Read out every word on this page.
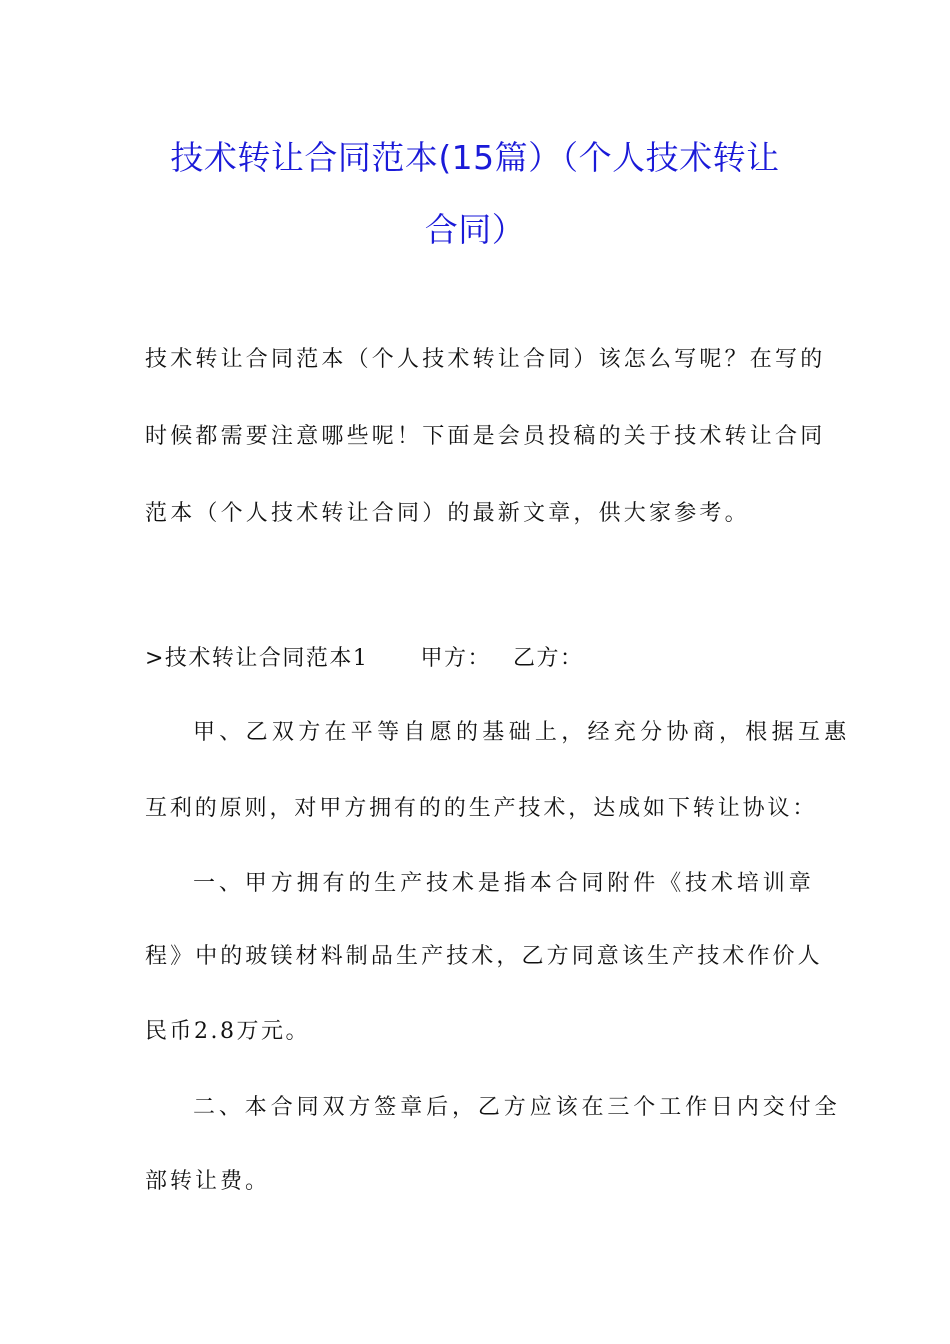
技术转让合同范本(15篇）（个人技术转让
合同）
技术转让合同范本（个人技术转让合同）该怎么写呢？在写的
时候都需要注意哪些呢！下面是会员投稿的关于技术转让合同
范本（个人技术转让合同）的最新文章，供大家参考。
>技术转让合同范本1 甲方： 乙方：
甲、乙双方在平等自愿的基础上，经充分协商，根据互惠
互利的原则，对甲方拥有的的生产技术，达成如下转让协议：
一、甲方拥有的生产技术是指本合同附件《技术培训章
程》中的玻镁材料制品生产技术，乙方同意该生产技术作价人
民币2.8万元。
二、本合同双方签章后，乙方应该在三个工作日内交付全
部转让费。
